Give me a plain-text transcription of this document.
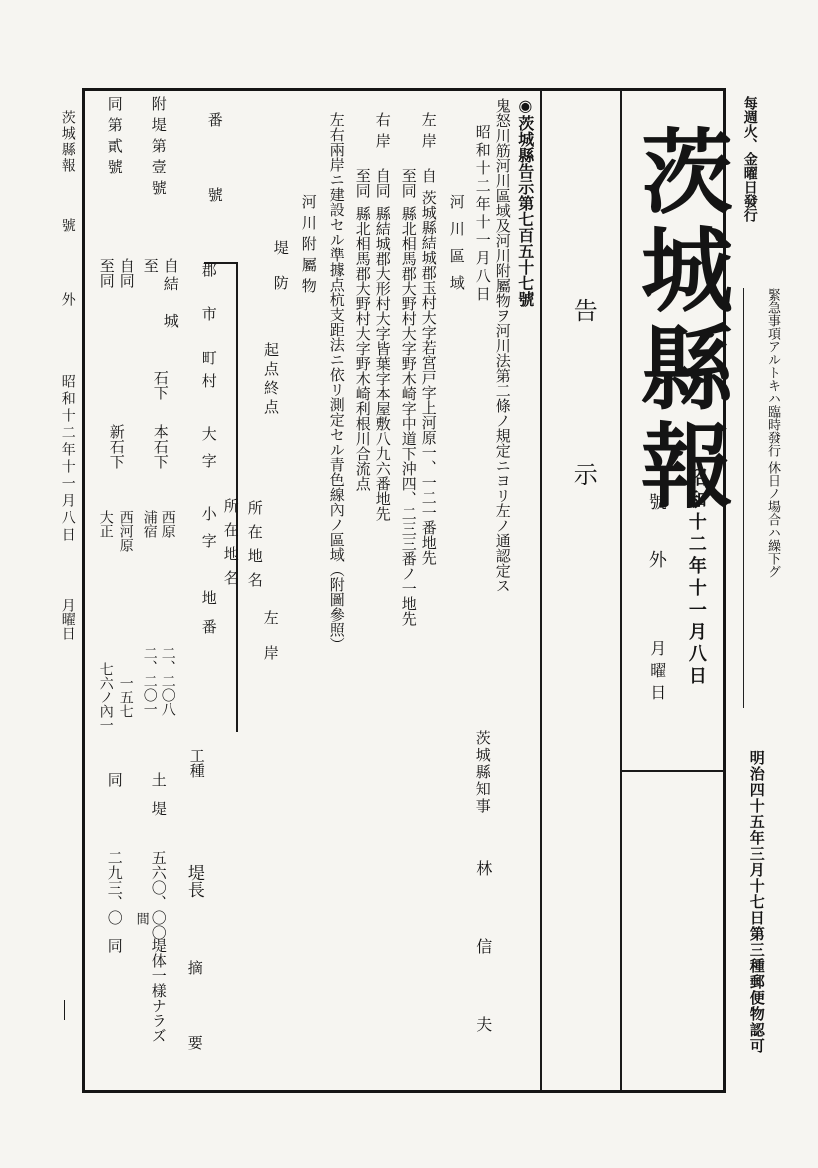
每週火、金曜日發行
緊急事項アルトキハ臨時發行 休日ノ場合ハ繰下グ
明治四十五年三月十七日第三種郵便物認可
茨城縣報
號外 昭和十二年十一月八日
月曜日
告示
◉茨城縣告示第七百五十七號
鬼怒川筋河川區域及河川附屬物ヲ河川法第二條ノ規定ニヨリ左ノ通認定ス
昭和十二年十一月八日
茨城縣知事
林　　信　　夫
河川區域
左岸
自
茨城縣結城郡玉村大字若宮戸字上河原一、一二一番地先
至同
縣北相馬郡大野村大字野木崎字中道下沖四、二三三番ノ一地先
右岸
自同
縣結城郡大形村大字皆葉字本屋敷八九六番地先
至同
縣北相馬郡大野村大字野木崎利根川合流点
左右兩岸ニ建設セル準據点杭支距法ニ依リ測定セル青色線內ノ區域（附圖參照）
河川附屬物
堤防
左岸
番號
起点終点
所在地名
所在地名
郡
市
町村
大字
小字
地番
工種
堤長
摘要
附堤第壹號
自
結城
至
石下
本石下
西原
浦宿
二、二〇八
二、二〇一
土堤
五六〇、〇〇
間
堤体一樣ナラズ
同第貳號
自同
至同
新石下
西河原
大正
一五七
七六ノ內一
同
二九三、〇
同
茨城縣報
號外
昭和十二年十一月八日
月曜日
